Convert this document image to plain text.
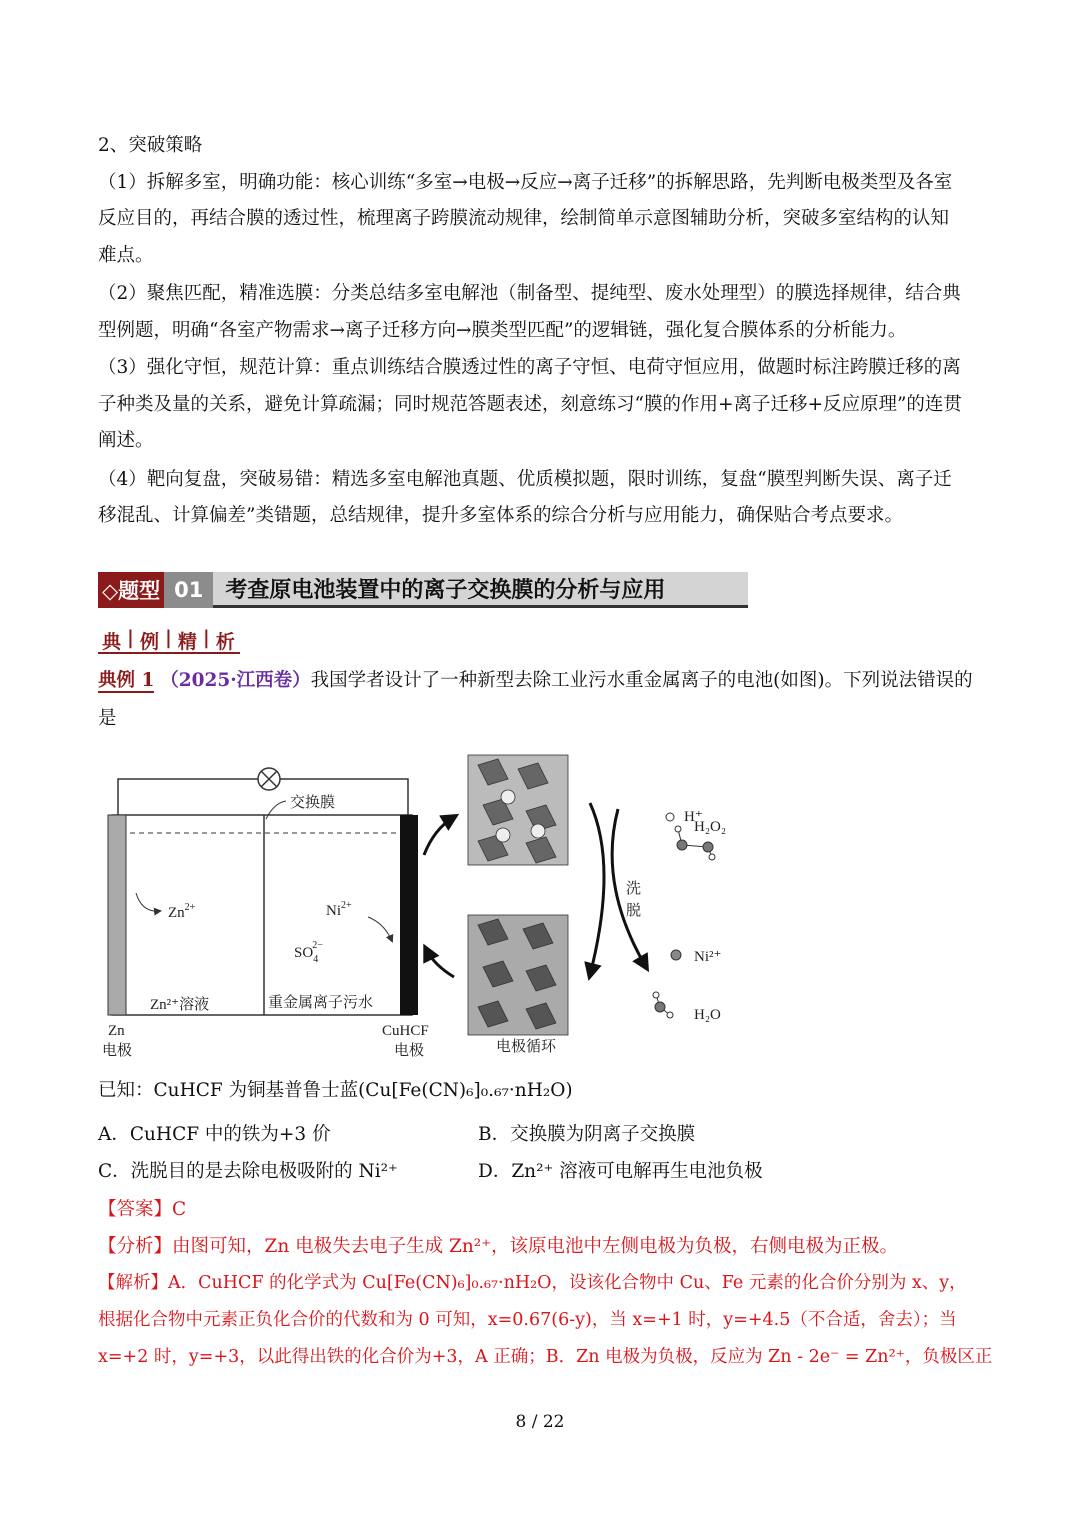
2、突破策略
（1）拆解多室，明确功能：核心训练“多室→电极→反应→离子迁移”的拆解思路，先判断电极类型及各室
反应目的，再结合膜的透过性，梳理离子跨膜流动规律，绘制简单示意图辅助分析，突破多室结构的认知
难点。
（2）聚焦匹配，精准选膜：分类总结多室电解池（制备型、提纯型、废水处理型）的膜选择规律，结合典
型例题，明确“各室产物需求→离子迁移方向→膜类型匹配”的逻辑链，强化复合膜体系的分析能力。
（3）强化守恒，规范计算：重点训练结合膜透过性的离子守恒、电荷守恒应用，做题时标注跨膜迁移的离
子种类及量的关系，避免计算疏漏；同时规范答题表述，刻意练习“膜的作用+离子迁移+反应原理”的连贯
阐述。
（4）靶向复盘，突破易错：精选多室电解池真题、优质模拟题，限时训练，复盘“膜型判断失误、离子迁
移混乱、计算偏差”类错题，总结规律，提升多室体系的综合分析与应用能力，确保贴合考点要求。
◇题型 01	考查原电池装置中的离子交换膜的分析与应用
典 | 例 | 精 | 析
典例 1 （2025·江西卷）我国学者设计了一种新型去除工业污水重金属离子的电池(如图)。下列说法错误的
是
交换膜
$Zn^{2+}$	$Ni^{2+}$
$SO_42-$
Zn²⁺溶液	重金属离子污水
Zn
电极
CuHCF
电极
洗
脱
电极循环
H⁺
H₂O₂
Ni²⁺
H₂O
已知：CuHCF 为铜基普鲁士蓝(Cu[Fe(CN)₆]₀.₆₇·nH₂O)
A．CuHCF 中的铁为+3 价	B．交换膜为阴离子交换膜
C．洗脱目的是去除电极吸附的 Ni²⁺	D．Zn²⁺ 溶液可电解再生电池负极
【答案】C
【分析】由图可知，Zn 电极失去电子生成 Zn²⁺，该原电池中左侧电极为负极，右侧电极为正极。
【解析】A．CuHCF 的化学式为 Cu[Fe(CN)₆]₀.₆₇·nH₂O，设该化合物中 Cu、Fe 元素的化合价分别为 x、y，
根据化合物中元素正负化合价的代数和为 0 可知，x=0.67(6-y)，当 x=+1 时，y=+4.5（不合适，舍去）；当
x=+2 时，y=+3，以此得出铁的化合价为+3，A 正确；B．Zn 电极为负极，反应为 Zn - 2e⁻ = Zn²⁺，负极区正
8 / 22
